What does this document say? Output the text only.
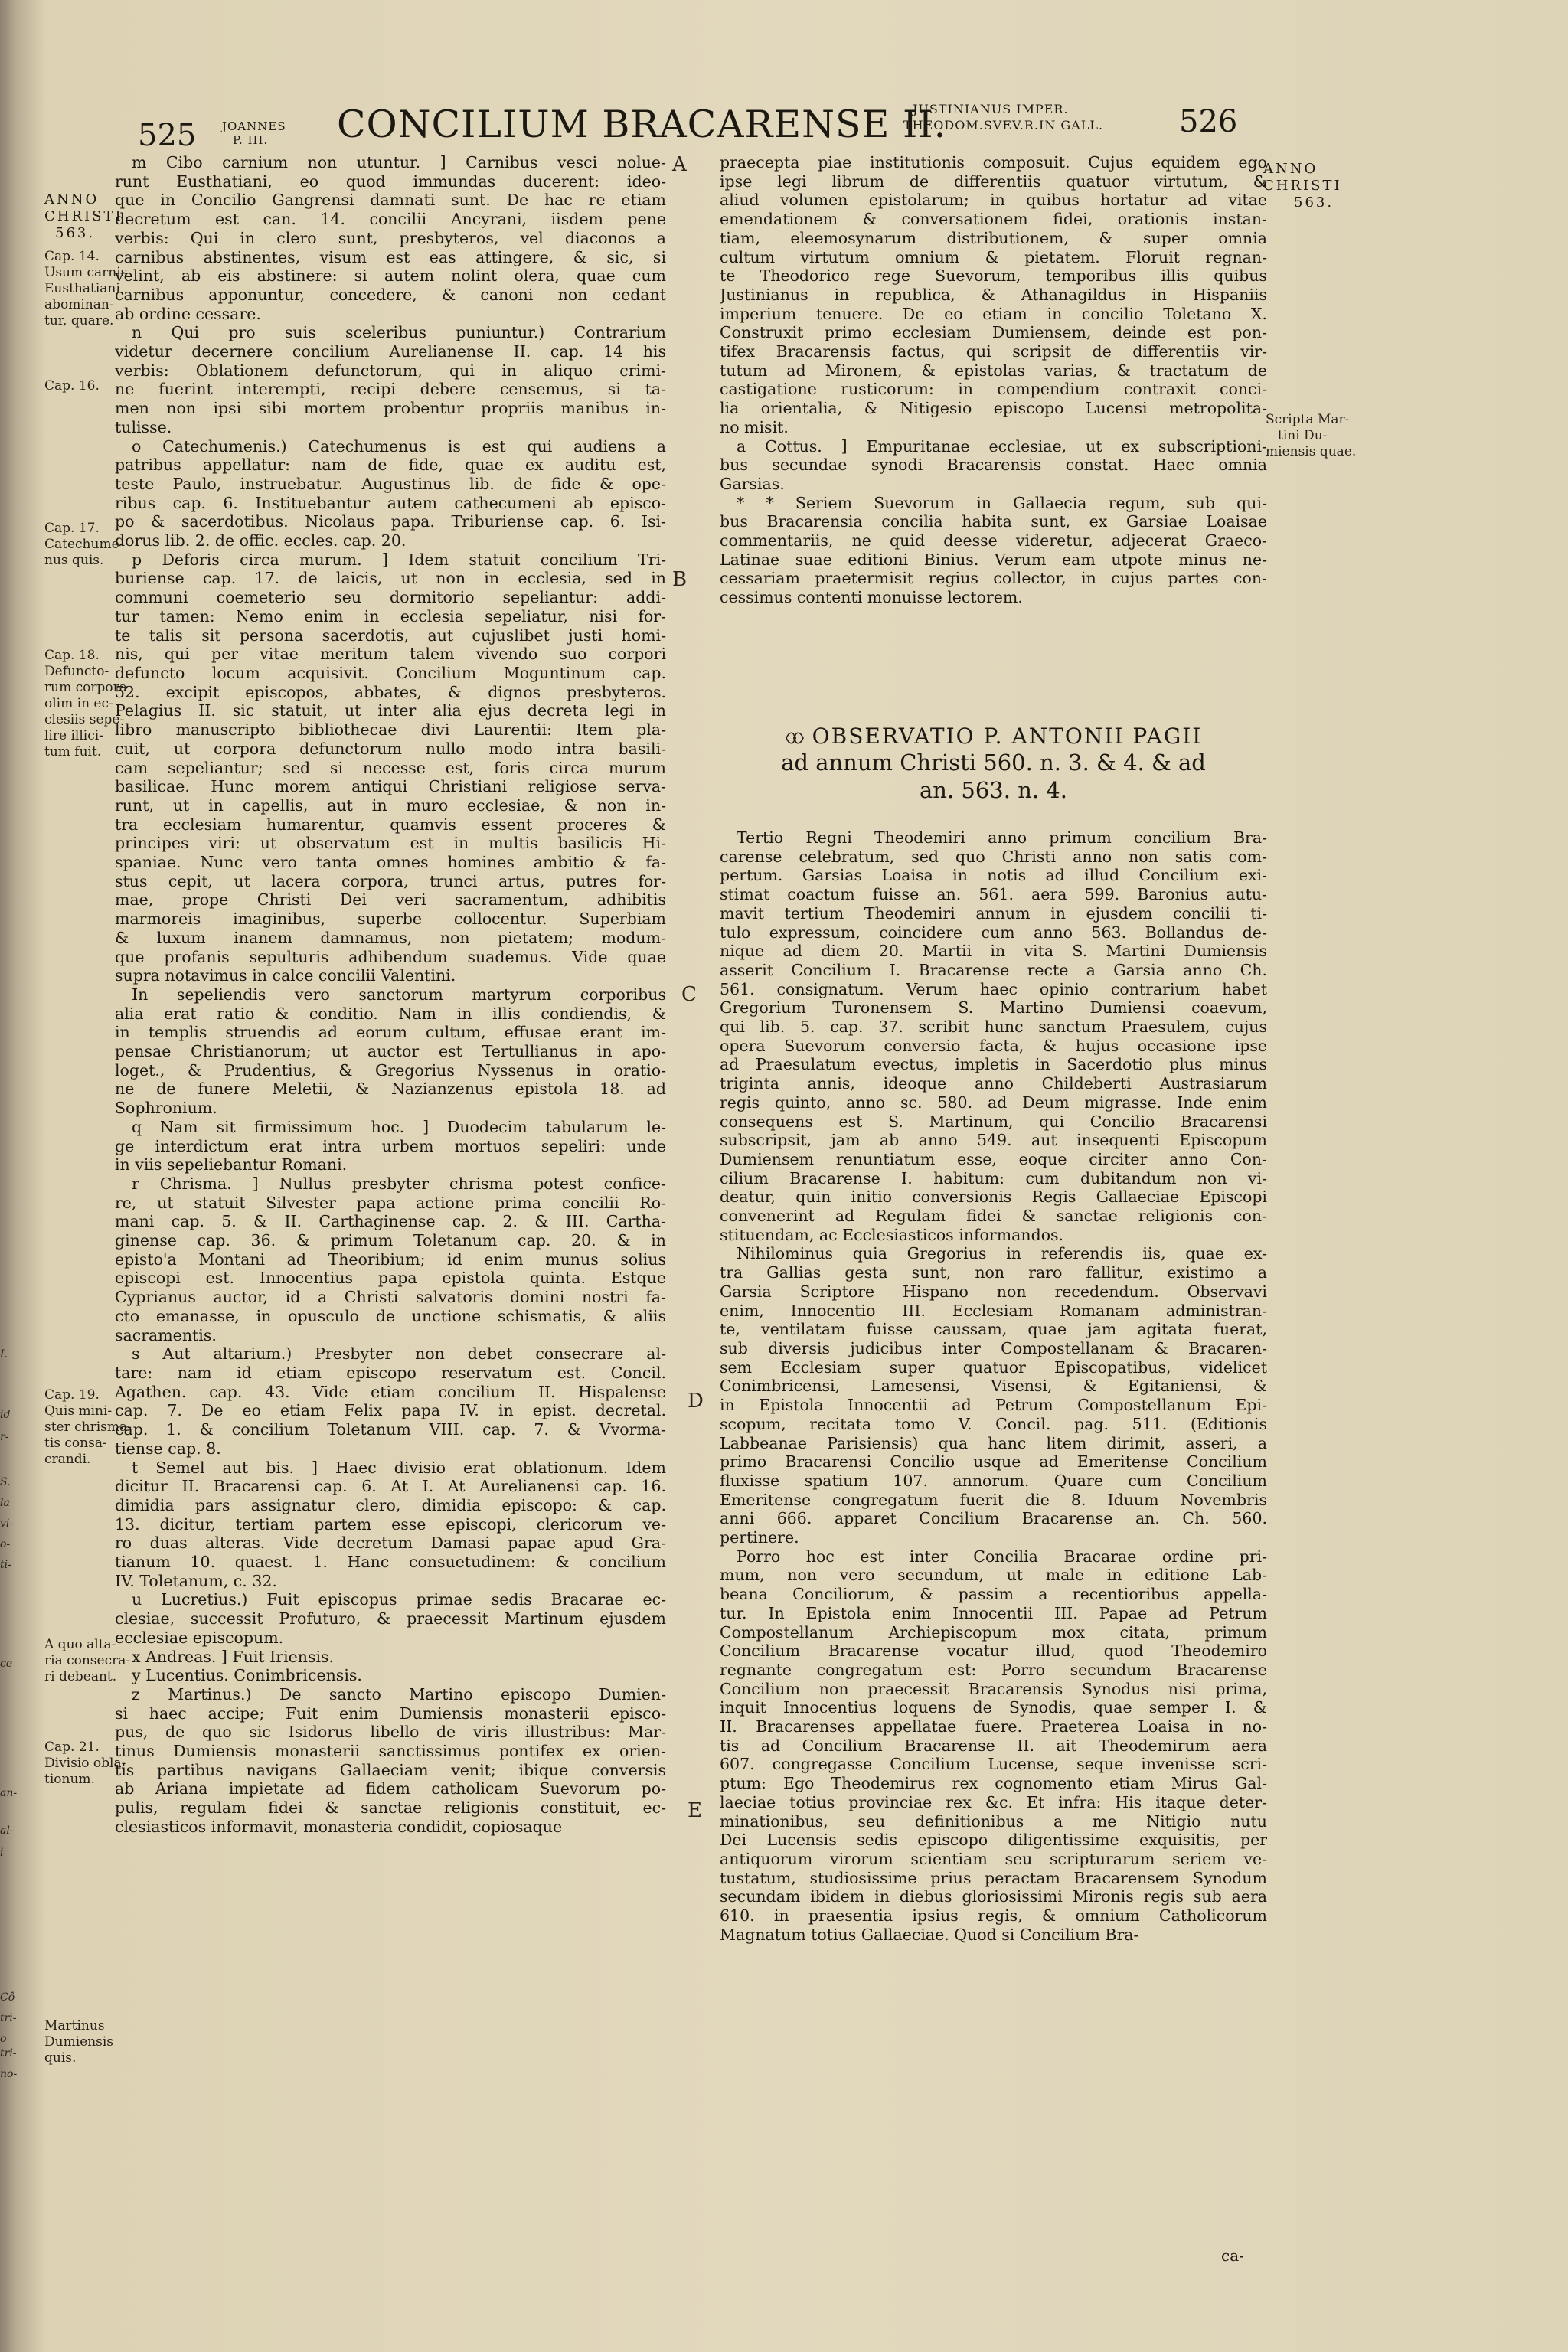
I.
id
r-
S.
la
vi-
o-
ti-
ce
an-
al-
i
Cô
tri-
o tri-
no-
525 JOANNES
P. III.	CONCILIUM BRACARENSE II.
JUSTINIANUS IMPER.
THEODOM.SVEV.R.IN GALL. 526
ANNO
CHRISTI
563.
ANNO
CHRISTI
563.
Cap. 14.
Usum carnis
Eusthatiani
abominan-
tur, quare.
Cap. 16.
Cap. 17.
Catechume-
nus quis.
Cap. 18.
Defuncto-
rum corpora
olim in ec-
clesiis sepe-
lire illici-
tum fuit.
Cap. 19.
Quis mini-
ster chrisma-
tis consa-
crandi.
A quo alta-
ria consecra-
ri debeant.
Cap. 21.
Divisio obla-
tionum.
Martinus
Dumiensis
quis.
Scripta Mar-
tini Du-
miensis quae.
A
B
C
D
E
m Cibo carnium non utuntur. ] Carnibus vesci nolue-
runt Eusthatiani, eo quod immundas ducerent: ideo-
que in Concilio Gangrensi damnati sunt. De hac re etiam
decretum est can. 14. concilii Ancyrani, iisdem pene
verbis: Qui in clero sunt, presbyteros, vel diaconos a
carnibus abstinentes, visum est eas attingere, & sic, si
velint, ab eis abstinere: si autem nolint olera, quae cum
carnibus apponuntur, concedere, & canoni non cedant
ab ordine cessare.
n Qui pro suis sceleribus puniuntur.) Contrarium
videtur decernere concilium Aurelianense II. cap. 14 his
verbis: Oblationem defunctorum, qui in aliquo crimi-
ne fuerint interempti, recipi debere censemus, si ta-
men non ipsi sibi mortem probentur propriis manibus in-
tulisse.
o Catechumenis.) Catechumenus is est qui audiens a
patribus appellatur: nam de fide, quae ex auditu est,
teste Paulo, instruebatur. Augustinus lib. de fide & ope-
ribus cap. 6. Instituebantur autem cathecumeni ab episco-
po & sacerdotibus. Nicolaus papa. Triburiense cap. 6. Isi-
dorus lib. 2. de offic. eccles. cap. 20.
p Deforis circa murum. ] Idem statuit concilium Tri-
buriense cap. 17. de laicis, ut non in ecclesia, sed in
communi coemeterio seu dormitorio sepeliantur: addi-
tur tamen: Nemo enim in ecclesia sepeliatur, nisi for-
te talis sit persona sacerdotis, aut cujuslibet justi homi-
nis, qui per vitae meritum talem vivendo suo corpori
defuncto locum acquisivit. Concilium Moguntinum cap.
52. excipit episcopos, abbates, & dignos presbyteros.
Pelagius II. sic statuit, ut inter alia ejus decreta legi in
libro manuscripto bibliothecae divi Laurentii: Item pla-
cuit, ut corpora defunctorum nullo modo intra basili-
cam sepeliantur; sed si necesse est, foris circa murum
basilicae. Hunc morem antiqui Christiani religiose serva-
runt, ut in capellis, aut in muro ecclesiae, & non in-
tra ecclesiam humarentur, quamvis essent proceres &
principes viri: ut observatum est in multis basilicis Hi-
spaniae. Nunc vero tanta omnes homines ambitio & fa-
stus cepit, ut lacera corpora, trunci artus, putres for-
mae, prope Christi Dei veri sacramentum, adhibitis
marmoreis imaginibus, superbe collocentur. Superbiam
& luxum inanem damnamus, non pietatem; modum-
que profanis sepulturis adhibendum suademus. Vide quae
supra notavimus in calce concilii Valentini.
In sepeliendis vero sanctorum martyrum corporibus
alia erat ratio & conditio. Nam in illis condiendis, &
in templis struendis ad eorum cultum, effusae erant im-
pensae Christianorum; ut auctor est Tertullianus in apo-
loget., & Prudentius, & Gregorius Nyssenus in oratio-
ne de funere Meletii, & Nazianzenus epistola 18. ad
Sophronium.
q Nam sit firmissimum hoc. ] Duodecim tabularum le-
ge interdictum erat intra urbem mortuos sepeliri: unde
in viis sepeliebantur Romani.
r Chrisma. ] Nullus presbyter chrisma potest confice-
re, ut statuit Silvester papa actione prima concilii Ro-
mani cap. 5. & II. Carthaginense cap. 2. & III. Cartha-
ginense cap. 36. & primum Toletanum cap. 20. & in
episto'a Montani ad Theoribium; id enim munus solius
episcopi est. Innocentius papa epistola quinta. Estque
Cyprianus auctor, id a Christi salvatoris domini nostri fa-
cto emanasse, in opusculo de unctione schismatis, & aliis
sacramentis.
s Aut altarium.) Presbyter non debet consecrare al-
tare: nam id etiam episcopo reservatum est. Concil.
Agathen. cap. 43. Vide etiam concilium II. Hispalense
cap. 7. De eo etiam Felix papa IV. in epist. decretal.
cap. 1. & concilium Toletanum VIII. cap. 7. & Vvorma-
tiense cap. 8.
t Semel aut bis. ] Haec divisio erat oblationum. Idem
dicitur II. Bracarensi cap. 6. At I. At Aurelianensi cap. 16.
dimidia pars assignatur clero, dimidia episcopo: & cap.
13. dicitur, tertiam partem esse episcopi, clericorum ve-
ro duas alteras. Vide decretum Damasi papae apud Gra-
tianum 10. quaest. 1. Hanc consuetudinem: & concilium
IV. Toletanum, c. 32.
u Lucretius.) Fuit episcopus primae sedis Bracarae ec-
clesiae, successit Profuturo, & praecessit Martinum ejusdem
ecclesiae episcopum.
x Andreas. ] Fuit Iriensis.
y Lucentius. Conimbricensis.
z Martinus.) De sancto Martino episcopo Dumien-
si haec accipe; Fuit enim Dumiensis monasterii episco-
pus, de quo sic Isidorus libello de viris illustribus: Mar-
tinus Dumiensis monasterii sanctissimus pontifex ex orien-
tis partibus navigans Gallaeciam venit; ibique conversis
ab Ariana impietate ad fidem catholicam Suevorum po-
pulis, regulam fidei & sanctae religionis constituit, ec-
clesiasticos informavit, monasteria condidit, copiosaque
praecepta piae institutionis composuit. Cujus equidem ego
ipse legi librum de differentiis quatuor virtutum, &
aliud volumen epistolarum; in quibus hortatur ad vitae
emendationem & conversationem fidei, orationis instan-
tiam, eleemosynarum distributionem, & super omnia
cultum virtutum omnium & pietatem. Floruit regnan-
te Theodorico rege Suevorum, temporibus illis quibus
Justinianus in republica, & Athanagildus in Hispaniis
imperium tenuere. De eo etiam in concilio Toletano X.
Construxit primo ecclesiam Dumiensem, deinde est pon-
tifex Bracarensis factus, qui scripsit de differentiis vir-
tutum ad Mironem, & epistolas varias, & tractatum de
castigatione rusticorum: in compendium contraxit conci-
lia orientalia, & Nitigesio episcopo Lucensi metropolita-
no misit.
a Cottus. ] Empuritanae ecclesiae, ut ex subscriptioni-
bus secundae synodi Bracarensis constat. Haec omnia
Garsias.
* * Seriem Suevorum in Gallaecia regum, sub qui-
bus Bracarensia concilia habita sunt, ex Garsiae Loaisae
commentariis, ne quid deesse videretur, adjecerat Graeco-
Latinae suae editioni Binius. Verum eam utpote minus ne-
cessariam praetermisit regius collector, in cujus partes con-
cessimus contenti monuisse lectorem.
OBSERVATIO P. ANTONII PAGII
ad annum Christi 560. n. 3. & 4. & ad
an. 563. n. 4.
Tertio Regni Theodemiri anno primum concilium Bra-
carense celebratum, sed quo Christi anno non satis com-
pertum. Garsias Loaisa in notis ad illud Concilium exi-
stimat coactum fuisse an. 561. aera 599. Baronius autu-
mavit tertium Theodemiri annum in ejusdem concilii ti-
tulo expressum, coincidere cum anno 563. Bollandus de-
nique ad diem 20. Martii in vita S. Martini Dumiensis
asserit Concilium I. Bracarense recte a Garsia anno Ch.
561. consignatum. Verum haec opinio contrarium habet
Gregorium Turonensem S. Martino Dumiensi coaevum,
qui lib. 5. cap. 37. scribit hunc sanctum Praesulem, cujus
opera Suevorum conversio facta, & hujus occasione ipse
ad Praesulatum evectus, impletis in Sacerdotio plus minus
triginta annis, ideoque anno Childeberti Austrasiarum
regis quinto, anno sc. 580. ad Deum migrasse. Inde enim
consequens est S. Martinum, qui Concilio Bracarensi
subscripsit, jam ab anno 549. aut insequenti Episcopum
Dumiensem renuntiatum esse, eoque circiter anno Con-
cilium Bracarense I. habitum: cum dubitandum non vi-
deatur, quin initio conversionis Regis Gallaeciae Episcopi
convenerint ad Regulam fidei & sanctae religionis con-
stituendam, ac Ecclesiasticos informandos.
Nihilominus quia Gregorius in referendis iis, quae ex-
tra Gallias gesta sunt, non raro fallitur, existimo a
Garsia Scriptore Hispano non recedendum. Observavi
enim, Innocentio III. Ecclesiam Romanam administran-
te, ventilatam fuisse caussam, quae jam agitata fuerat,
sub diversis judicibus inter Compostellanam & Bracaren-
sem Ecclesiam super quatuor Episcopatibus, videlicet
Conimbricensi, Lamesensi, Visensi, & Egitaniensi, &
in Epistola Innocentii ad Petrum Compostellanum Epi-
scopum, recitata tomo V. Concil. pag. 511. (Editionis
Labbeanae Parisiensis) qua hanc litem dirimit, asseri, a
primo Bracarensi Concilio usque ad Emeritense Concilium
fluxisse spatium 107. annorum. Quare cum Concilium
Emeritense congregatum fuerit die 8. Iduum Novembris
anni 666. apparet Concilium Bracarense an. Ch. 560.
pertinere.
Porro hoc est inter Concilia Bracarae ordine pri-
mum, non vero secundum, ut male in editione Lab-
beana Conciliorum, & passim a recentioribus appella-
tur. In Epistola enim Innocentii III. Papae ad Petrum
Compostellanum Archiepiscopum mox citata, primum
Concilium Bracarense vocatur illud, quod Theodemiro
regnante congregatum est: Porro secundum Bracarense
Concilium non praecessit Bracarensis Synodus nisi prima,
inquit Innocentius loquens de Synodis, quae semper I. &
II. Bracarenses appellatae fuere. Praeterea Loaisa in no-
tis ad Concilium Bracarense II. ait Theodemirum aera
607. congregasse Concilium Lucense, seque invenisse scri-
ptum: Ego Theodemirus rex cognomento etiam Mirus Gal-
laeciae totius provinciae rex &c. Et infra: His itaque deter-
minationibus, seu definitionibus a me Nitigio nutu
Dei Lucensis sedis episcopo diligentissime exquisitis, per
antiquorum virorum scientiam seu scripturarum seriem ve-
tustatum, studiosissime prius peractam Bracarensem Synodum
secundam ibidem in diebus gloriosissimi Mironis regis sub aera
610. in praesentia ipsius regis, & omnium Catholicorum
Magnatum totius Gallaeciae. Quod si Concilium Bra-
ca-
